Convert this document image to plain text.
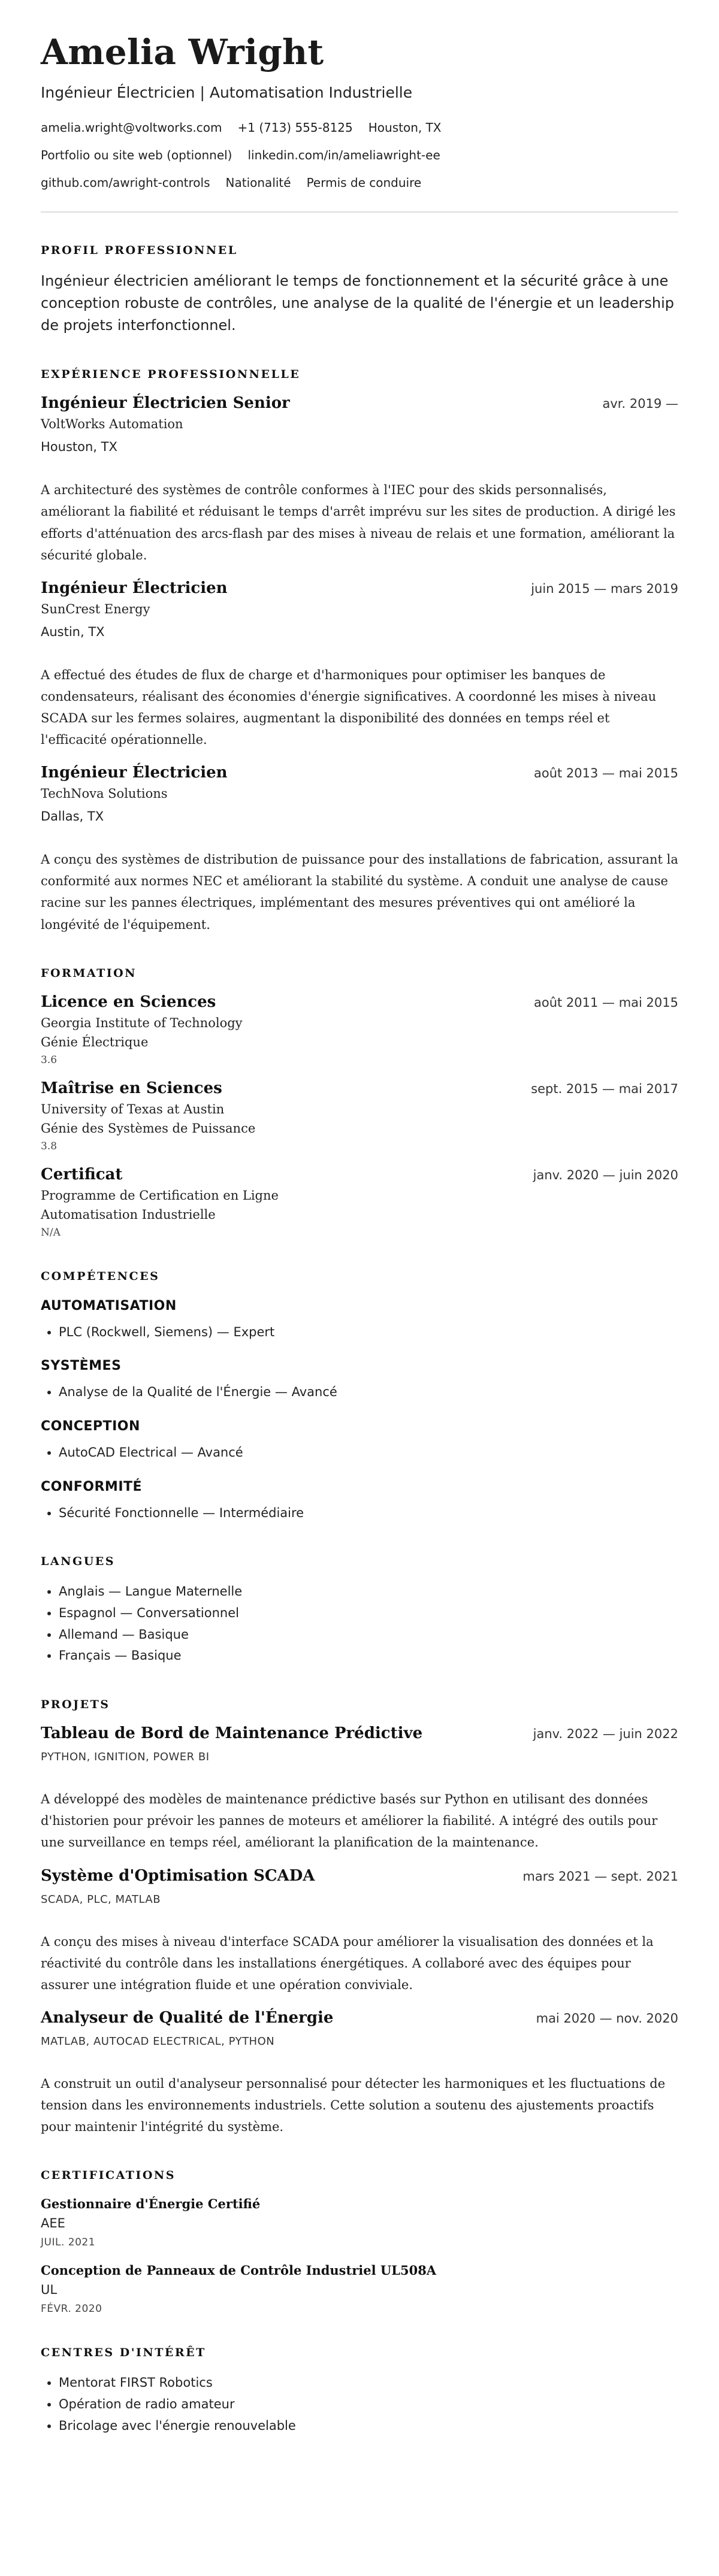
Amelia Wright
Ingénieur Électricien | Automatisation Industrielle
amelia.wright@voltworks.com +1 (713) 555-8125 Houston, TX
Portfolio ou site web (optionnel) linkedin.com/in/ameliawright-ee
github.com/awright-controls Nationalité Permis de conduire
PROFIL PROFESSIONNEL
Ingénieur électricien améliorant le temps de fonctionnement et la sécurité grâce à une conception robuste de contrôles, une analyse de la qualité de l'énergie et un leadership de projets interfonctionnel.
EXPÉRIENCE PROFESSIONNELLE
Ingénieur Électricien Senior	avr. 2019 —
VoltWorks Automation
Houston, TX
A architecturé des systèmes de contrôle conformes à l'IEC pour des skids personnalisés, améliorant la fiabilité et réduisant le temps d'arrêt imprévu sur les sites de production. A dirigé les efforts d'atténuation des arcs-flash par des mises à niveau de relais et une formation, améliorant la sécurité globale.
Ingénieur Électricien	juin 2015 — mars 2019
SunCrest Energy
Austin, TX
A effectué des études de flux de charge et d'harmoniques pour optimiser les banques de condensateurs, réalisant des économies d'énergie significatives. A coordonné les mises à niveau SCADA sur les fermes solaires, augmentant la disponibilité des données en temps réel et l'efficacité opérationnelle.
Ingénieur Électricien	août 2013 — mai 2015
TechNova Solutions
Dallas, TX
A conçu des systèmes de distribution de puissance pour des installations de fabrication, assurant la conformité aux normes NEC et améliorant la stabilité du système. A conduit une analyse de cause racine sur les pannes électriques, implémentant des mesures préventives qui ont amélioré la longévité de l'équipement.
FORMATION
Licence en Sciences	août 2011 — mai 2015
Georgia Institute of Technology
Génie Électrique
3.6
Maîtrise en Sciences	sept. 2015 — mai 2017
University of Texas at Austin
Génie des Systèmes de Puissance
3.8
Certificat	janv. 2020 — juin 2020
Programme de Certification en Ligne
Automatisation Industrielle
N/A
COMPÉTENCES
AUTOMATISATION
• PLC (Rockwell, Siemens) — Expert
SYSTÈMES
• Analyse de la Qualité de l'Énergie — Avancé
CONCEPTION
• AutoCAD Electrical — Avancé
CONFORMITÉ
• Sécurité Fonctionnelle — Intermédiaire
LANGUES
• Anglais — Langue Maternelle
• Espagnol — Conversationnel
• Allemand — Basique
• Français — Basique
PROJETS
Tableau de Bord de Maintenance Prédictive	janv. 2022 — juin 2022
PYTHON, IGNITION, POWER BI
A développé des modèles de maintenance prédictive basés sur Python en utilisant des données d'historien pour prévoir les pannes de moteurs et améliorer la fiabilité. A intégré des outils pour une surveillance en temps réel, améliorant la planification de la maintenance.
Système d'Optimisation SCADA	mars 2021 — sept. 2021
SCADA, PLC, MATLAB
A conçu des mises à niveau d'interface SCADA pour améliorer la visualisation des données et la réactivité du contrôle dans les installations énergétiques. A collaboré avec des équipes pour assurer une intégration fluide et une opération conviviale.
Analyseur de Qualité de l'Énergie	mai 2020 — nov. 2020
MATLAB, AUTOCAD ELECTRICAL, PYTHON
A construit un outil d'analyseur personnalisé pour détecter les harmoniques et les fluctuations de tension dans les environnements industriels. Cette solution a soutenu des ajustements proactifs pour maintenir l'intégrité du système.
CERTIFICATIONS
Gestionnaire d'Énergie Certifié
AEE
JUIL. 2021
Conception de Panneaux de Contrôle Industriel UL508A
UL
FÉVR. 2020
CENTRES D'INTÉRÊT
• Mentorat FIRST Robotics
• Opération de radio amateur
• Bricolage avec l'énergie renouvelable
